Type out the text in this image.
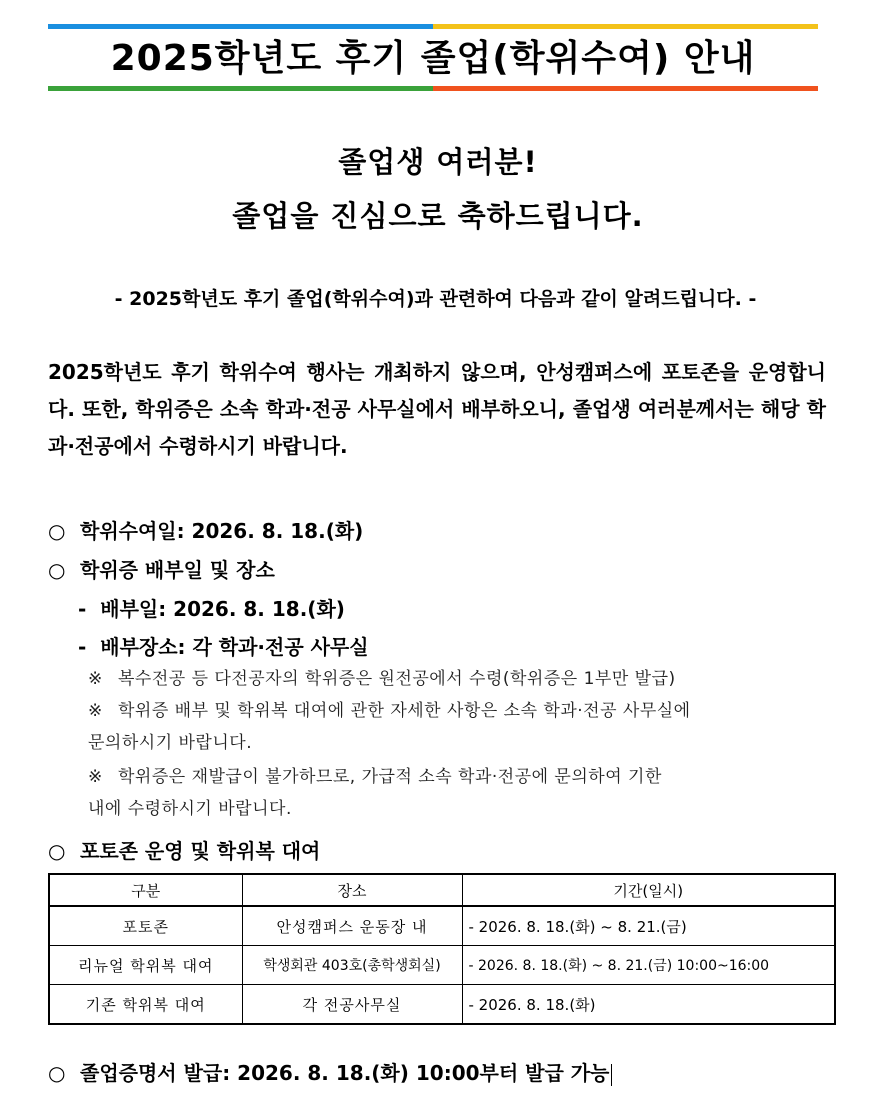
2025학년도 후기 졸업(학위수여) 안내
졸업생 여러분!
졸업을 진심으로 축하드립니다.
- 2025학년도 후기 졸업(학위수여)과 관련하여 다음과 같이 알려드립니다. -
2025학년도 후기 학위수여 행사는 개최하지 않으며, 안성캠퍼스에 포토존을 운영합니다. 또한, 학위증은 소속 학과·전공 사무실에서 배부하오니, 졸업생 여러분께서는 해당 학과·전공에서 수령하시기 바랍니다.
○ 학위수여일: 2026. 8. 18.(화)
○ 학위증 배부일 및 장소
- 배부일: 2026. 8. 18.(화)
- 배부장소: 각 학과·전공 사무실
※ 복수전공 등 다전공자의 학위증은 원전공에서 수령(학위증은 1부만 발급)
※ 학위증 배부 및 학위복 대여에 관한 자세한 사항은 소속 학과·전공 사무실에
문의하시기 바랍니다.
※ 학위증은 재발급이 불가하므로, 가급적 소속 학과·전공에 문의하여 기한
내에 수령하시기 바랍니다.
○ 포토존 운영 및 학위복 대여
구분	장소	기간(일시)
포토존	안성캠퍼스 운동장 내	- 2026. 8. 18.(화) ~ 8. 21.(금)
리뉴얼 학위복 대여	학생회관 403호(총학생회실)	- 2026. 8. 18.(화) ~ 8. 21.(금) 10:00~16:00
기존 학위복 대여	각 전공사무실	- 2026. 8. 18.(화)
○ 졸업증명서 발급: 2026. 8. 18.(화) 10:00부터 발급 가능
